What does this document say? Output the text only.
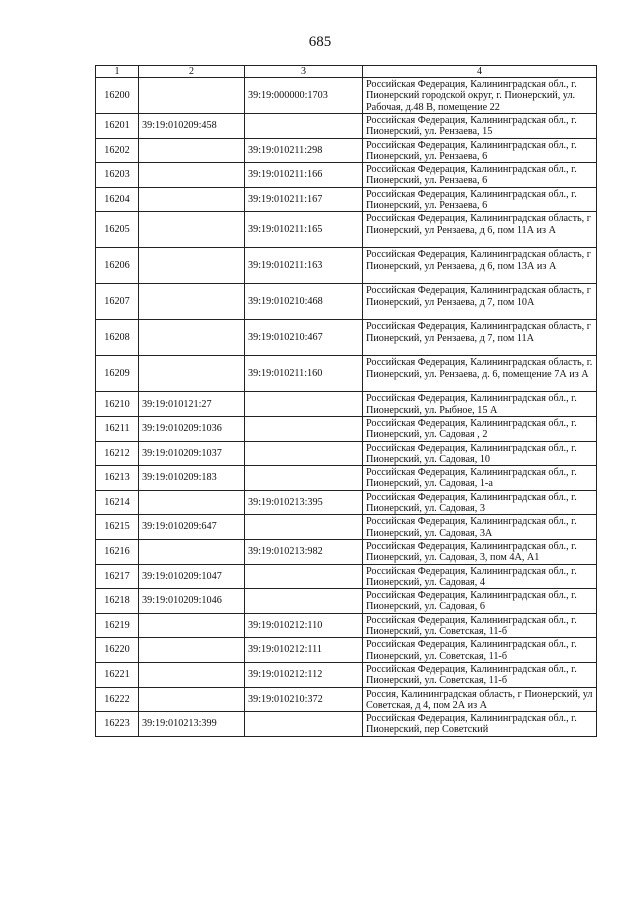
685
1	2	3	4
16200		39:19:000000:1703	Российская Федерация, Калининградская обл., г. Пионерский городской округ, г. Пионерский, ул. Рабочая, д.48 В, помещение 22
16201	39:19:010209:458		Российская Федерация, Калининградская обл., г. Пионерский, ул. Рензаева, 15
16202		39:19:010211:298	Российская Федерация, Калининградская обл., г. Пионерский, ул. Рензаева, 6
16203		39:19:010211:166	Российская Федерация, Калининградская обл., г. Пионерский, ул. Рензаева, 6
16204		39:19:010211:167	Российская Федерация, Калининградская обл., г. Пионерский, ул. Рензаева, 6
16205		39:19:010211:165	Российская Федерация, Калининградская область, г Пионерский, ул Рензаева, д 6, пом 11А из А
16206		39:19:010211:163	Российская Федерация, Калининградская область, г Пионерский, ул Рензаева, д 6, пом 13А из А
16207		39:19:010210:468	Российская Федерация, Калининградская область, г Пионерский, ул Рензаева, д 7, пом 10А
16208		39:19:010210:467	Российская Федерация, Калининградская область, г Пионерский, ул Рензаева, д 7, пом 11А
16209		39:19:010211:160	Российская Федерация, Калининградская область, г. Пионерский, ул. Рензаева, д. 6, помещение 7А из А
16210	39:19:010121:27		Российская Федерация, Калининградская обл., г. Пионерский, ул. Рыбное, 15 А
16211	39:19:010209:1036		Российская Федерация, Калининградская обл., г. Пионерский, ул. Садовая , 2
16212	39:19:010209:1037		Российская Федерация, Калининградская обл., г. Пионерский, ул. Садовая, 10
16213	39:19:010209:183		Российская Федерация, Калининградская обл., г. Пионерский, ул. Садовая, 1-а
16214		39:19:010213:395	Российская Федерация, Калининградская обл., г. Пионерский, ул. Садовая, 3
16215	39:19:010209:647		Российская Федерация, Калининградская обл., г. Пионерский, ул. Садовая, 3А
16216		39:19:010213:982	Российская Федерация, Калининградская обл., г. Пионерский, ул. Садовая, 3, пом 4А, А1
16217	39:19:010209:1047		Российская Федерация, Калининградская обл., г. Пионерский, ул. Садовая, 4
16218	39:19:010209:1046		Российская Федерация, Калининградская обл., г. Пионерский, ул. Садовая, 6
16219		39:19:010212:110	Российская Федерация, Калининградская обл., г. Пионерский, ул. Советская, 11-б
16220		39:19:010212:111	Российская Федерация, Калининградская обл., г. Пионерский, ул. Советская, 11-б
16221		39:19:010212:112	Российская Федерация, Калининградская обл., г. Пионерский, ул. Советская, 11-б
16222		39:19:010210:372	Россия, Калининградская область, г Пионерский, ул Советская, д 4, пом 2А из А
16223	39:19:010213:399		Российская Федерация, Калининградская обл., г. Пионерский, пер Советский
